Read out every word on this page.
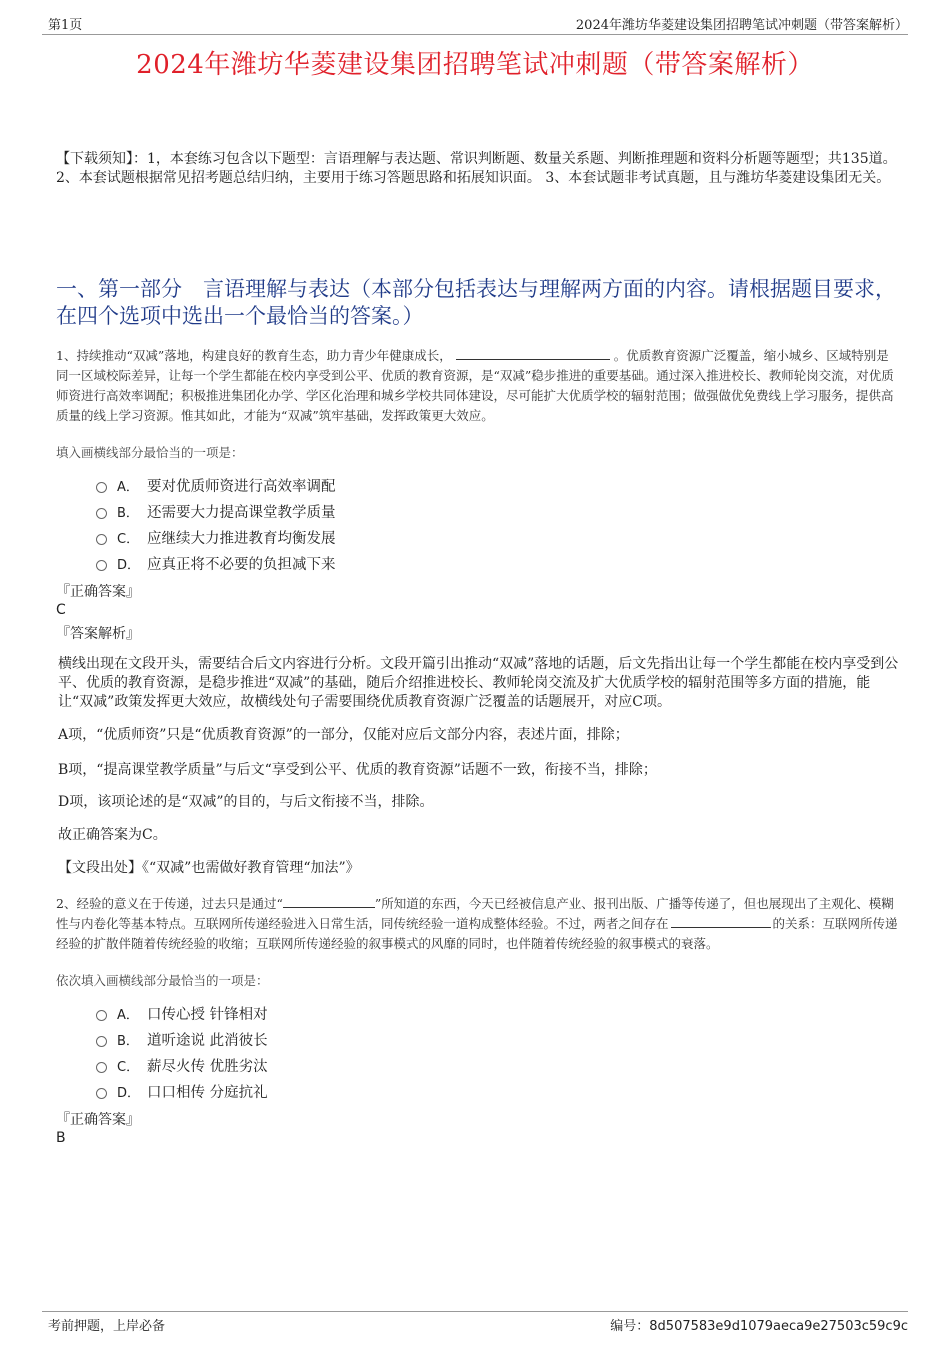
第1页	2024年潍坊华菱建设集团招聘笔试冲刺题（带答案解析）
2024年潍坊华菱建设集团招聘笔试冲刺题（带答案解析）
【下载须知】：1，本套练习包含以下题型：言语理解与表达题、常识判断题、数量关系题、判断推理题和资料分析题等题型；共135道。 2、本套试题根据常见招考题总结归纳，主要用于练习答题思路和拓展知识面。 3、本套试题非考试真题，且与潍坊华菱建设集团无关。
一、第一部分　言语理解与表达（本部分包括表达与理解两方面的内容。请根据题目要求，在四个选项中选出一个最恰当的答案。）
1、持续推动“双减”落地，构建良好的教育生态，助力青少年健康成长，	。优质教育资源广泛覆盖，缩小城乡、区域特别是同一区域校际差异，让每一个学生都能在校内享受到公平、优质的教育资源，是“双减”稳步推进的重要基础。通过深入推进校长、教师轮岗交流，对优质师资进行高效率调配；积极推进集团化办学、学区化治理和城乡学校共同体建设，尽可能扩大优质学校的辐射范围；做强做优免费线上学习服务，提供高质量的线上学习资源。惟其如此，才能为“双减”筑牢基础，发挥政策更大效应。
填入画横线部分最恰当的一项是：
A． 要对优质师资进行高效率调配
B． 还需要大力提高课堂教学质量
C． 应继续大力推进教育均衡发展
D． 应真正将不必要的负担减下来
『正确答案』
C
『答案解析』
横线出现在文段开头，需要结合后文内容进行分析。文段开篇引出推动“双减”落地的话题，后文先指出让每一个学生都能在校内享受到公平、优质的教育资源，是稳步推进“双减”的基础，随后介绍推进校长、教师轮岗交流及扩大优质学校的辐射范围等多方面的措施，能让“双减”政策发挥更大效应，故横线处句子需要围绕优质教育资源广泛覆盖的话题展开，对应C项。
A项，“优质师资”只是“优质教育资源”的一部分，仅能对应后文部分内容，表述片面，排除；
B项，“提高课堂教学质量”与后文“享受到公平、优质的教育资源”话题不一致，衔接不当，排除；
D项，该项论述的是“双减”的目的，与后文衔接不当，排除。
故正确答案为C。
【文段出处】《“双减”也需做好教育管理“加法”》
2、经验的意义在于传递，过去只是通过“	”所知道的东西，今天已经被信息产业、报刊出版、广播等传递了，但也展现出了主观化、模糊性与内卷化等基本特点。互联网所传递经验进入日常生活，同传统经验一道构成整体经验。不过，两者之间存在	的关系：互联网所传递经验的扩散伴随着传统经验的收缩；互联网所传递经验的叙事模式的风靡的同时，也伴随着传统经验的叙事模式的衰落。
依次填入画横线部分最恰当的一项是：
A． 口传心授 针锋相对
B． 道听途说 此消彼长
C． 薪尽火传 优胜劣汰
D． 口口相传 分庭抗礼
『正确答案』
B
考前押题，上岸必备	编号：8d507583e9d1079aeca9e27503c59c9c
